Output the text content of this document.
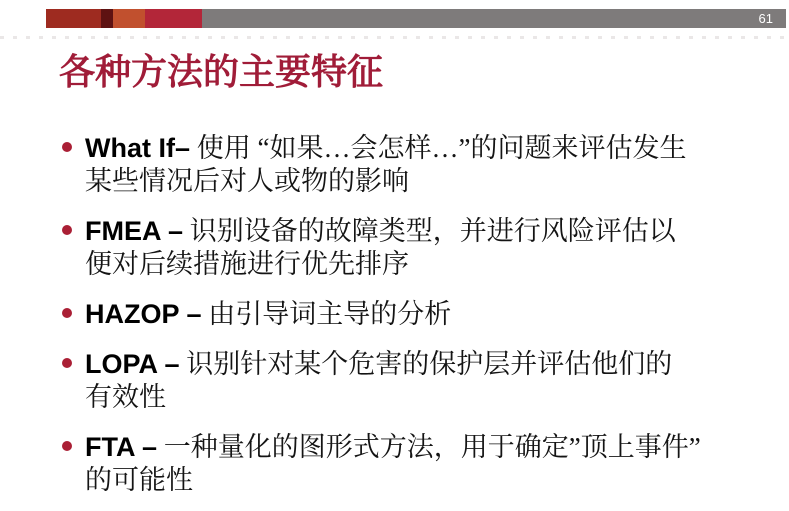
61
各种方法的主要特征
What If– 使用 “如果…会怎样…”的问题来评估发生
某些情况后对人或物的影响
FMEA – 识别设备的故障类型，并进行风险评估以
便对后续措施进行优先排序
HAZOP – 由引导词主导的分析
LOPA – 识别针对某个危害的保护层并评估他们的
有效性
FTA – 一种量化的图形式方法，用于确定”顶上事件”
的可能性
